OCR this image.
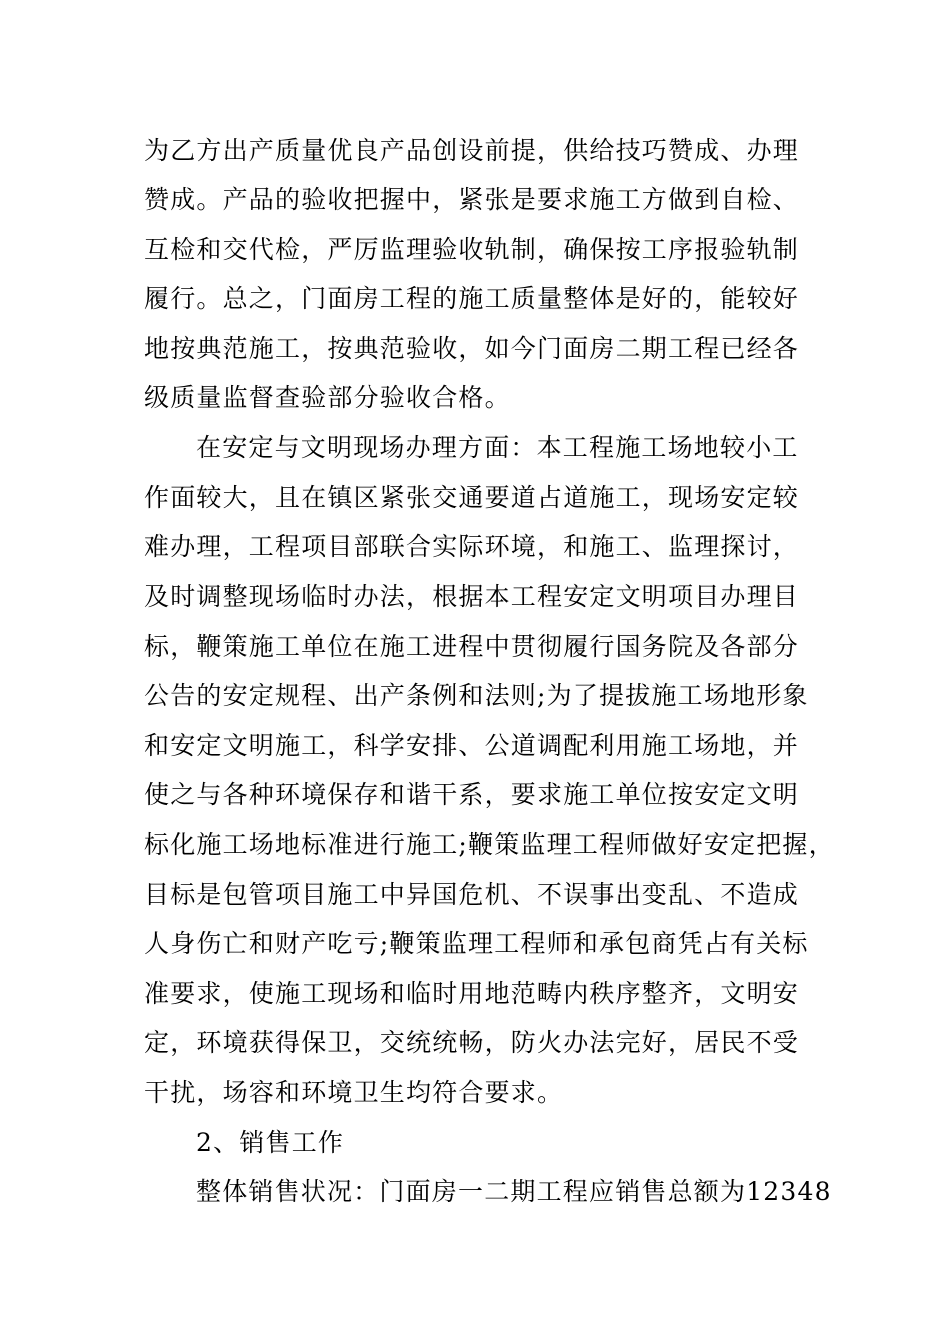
为乙方出产质量优良产品创设前提，供给技巧赞成、办理
赞成。产品的验收把握中，紧张是要求施工方做到自检、
互检和交代检，严厉监理验收轨制，确保按工序报验轨制
履行。总之，门面房工程的施工质量整体是好的，能较好
地按典范施工，按典范验收，如今门面房二期工程已经各
级质量监督查验部分验收合格。
在安定与文明现场办理方面：本工程施工场地较小工
作面较大，且在镇区紧张交通要道占道施工，现场安定较
难办理，工程项目部联合实际环境，和施工、监理探讨，
及时调整现场临时办法，根据本工程安定文明项目办理目
标，鞭策施工单位在施工进程中贯彻履行国务院及各部分
公告的安定规程、出产条例和法则;为了提拔施工场地形象
和安定文明施工，科学安排、公道调配利用施工场地，并
使之与各种环境保存和谐干系，要求施工单位按安定文明
标化施工场地标准进行施工;鞭策监理工程师做好安定把握，
目标是包管项目施工中异国危机、不误事出变乱、不造成
人身伤亡和财产吃亏;鞭策监理工程师和承包商凭占有关标
准要求，使施工现场和临时用地范畴内秩序整齐，文明安
定，环境获得保卫，交统统畅，防火办法完好，居民不受
干扰，场容和环境卫生均符合要求。
2、销售工作
整体销售状况：门面房一二期工程应销售总额为12348
